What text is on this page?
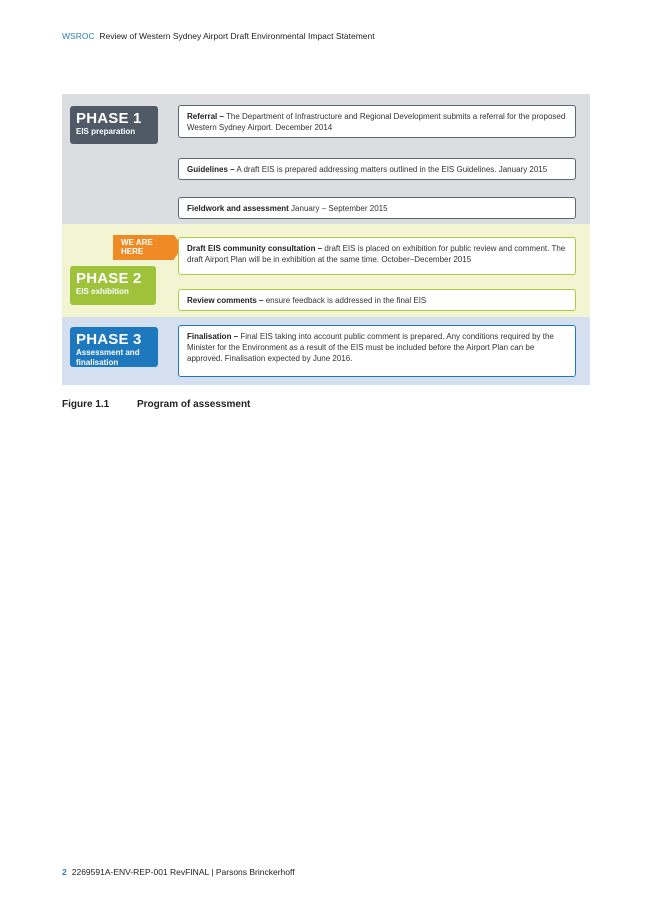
WSROC Review of Western Sydney Airport Draft Environmental Impact Statement
PHASE 1
EIS preparation
WE ARE HERE
PHASE 2
EIS exhibition
PHASE 3
Assessment and finalisation
Referral – The Department of Infrastructure and Regional Development submits a referral for the proposed Western Sydney Airport. December 2014
Guidelines – A draft EIS is prepared addressing matters outlined in the EIS Guidelines. January 2015
Fieldwork and assessment January – September 2015
Draft EIS community consultation – draft EIS is placed on exhibition for public review and comment. The draft Airport Plan will be in exhibition at the same time. October–December 2015
Review comments – ensure feedback is addressed in the final EIS
Finalisation – Final EIS taking into account public comment is prepared. Any conditions required by the Minister for the Environment as a result of the EIS must be included before the Airport Plan can be approved. Finalisation expected by June 2016.
Figure 1.1	Program of assessment
2 2269591A-ENV-REP-001 RevFINAL | Parsons Brinckerhoff
